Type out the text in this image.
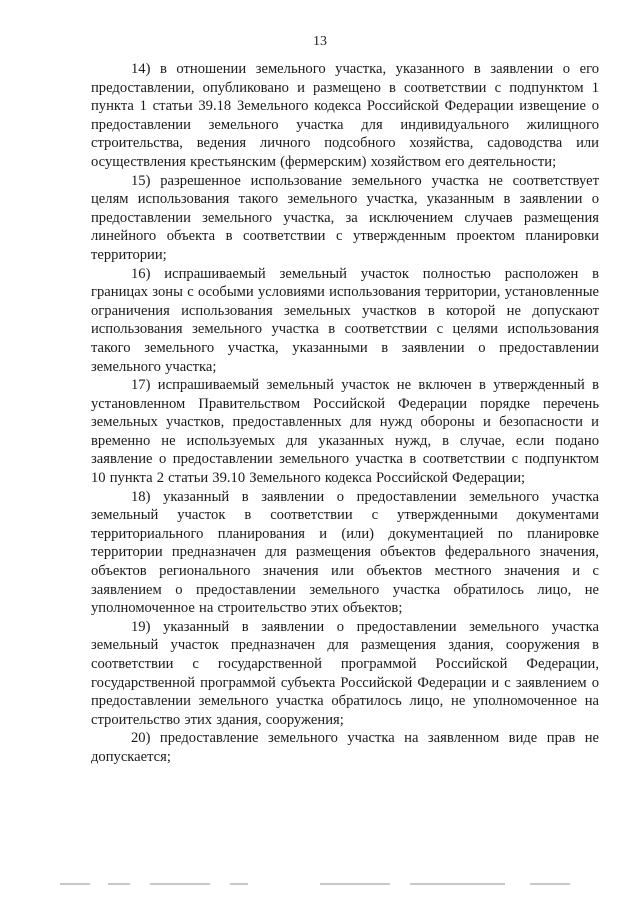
13

14) в отношении земельного участка, указанного в заявлении о его предоставлении, опубликовано и размещено в соответствии с подпунктом 1 пункта 1 статьи 39.18 Земельного кодекса Российской Федерации извещение о предоставлении земельного участка для индивидуального жилищного строительства, ведения личного подсобного хозяйства, садоводства или осуществления крестьянским (фермерским) хозяйством его деятельности;

15) разрешенное использование земельного участка не соответствует целям использования такого земельного участка, указанным в заявлении о предоставлении земельного участка, за исключением случаев размещения линейного объекта в соответствии с утвержденным проектом планировки территории;

16) испрашиваемый земельный участок полностью расположен в границах зоны с особыми условиями использования территории, установленные ограничения использования земельных участков в которой не допускают использования земельного участка в соответствии с целями использования такого земельного участка, указанными в заявлении о предоставлении земельного участка;

17) испрашиваемый земельный участок не включен в утвержденный в установленном Правительством Российской Федерации порядке перечень земельных участков, предоставленных для нужд обороны и безопасности и временно не используемых для указанных нужд, в случае, если подано заявление о предоставлении земельного участка в соответствии с подпунктом 10 пункта 2 статьи 39.10 Земельного кодекса Российской Федерации;

18) указанный в заявлении о предоставлении земельного участка земельный участок в соответствии с утвержденными документами территориального планирования и (или) документацией по планировке территории предназначен для размещения объектов федерального значения, объектов регионального значения или объектов местного значения и с заявлением о предоставлении земельного участка обратилось лицо, не уполномоченное на строительство этих объектов;

19) указанный в заявлении о предоставлении земельного участка земельный участок предназначен для размещения здания, сооружения в соответствии с государственной программой Российской Федерации, государственной программой субъекта Российской Федерации и с заявлением о предоставлении земельного участка обратилось лицо, не уполномоченное на строительство этих здания, сооружения;

20) предоставление земельного участка на заявленном виде прав не допускается;
